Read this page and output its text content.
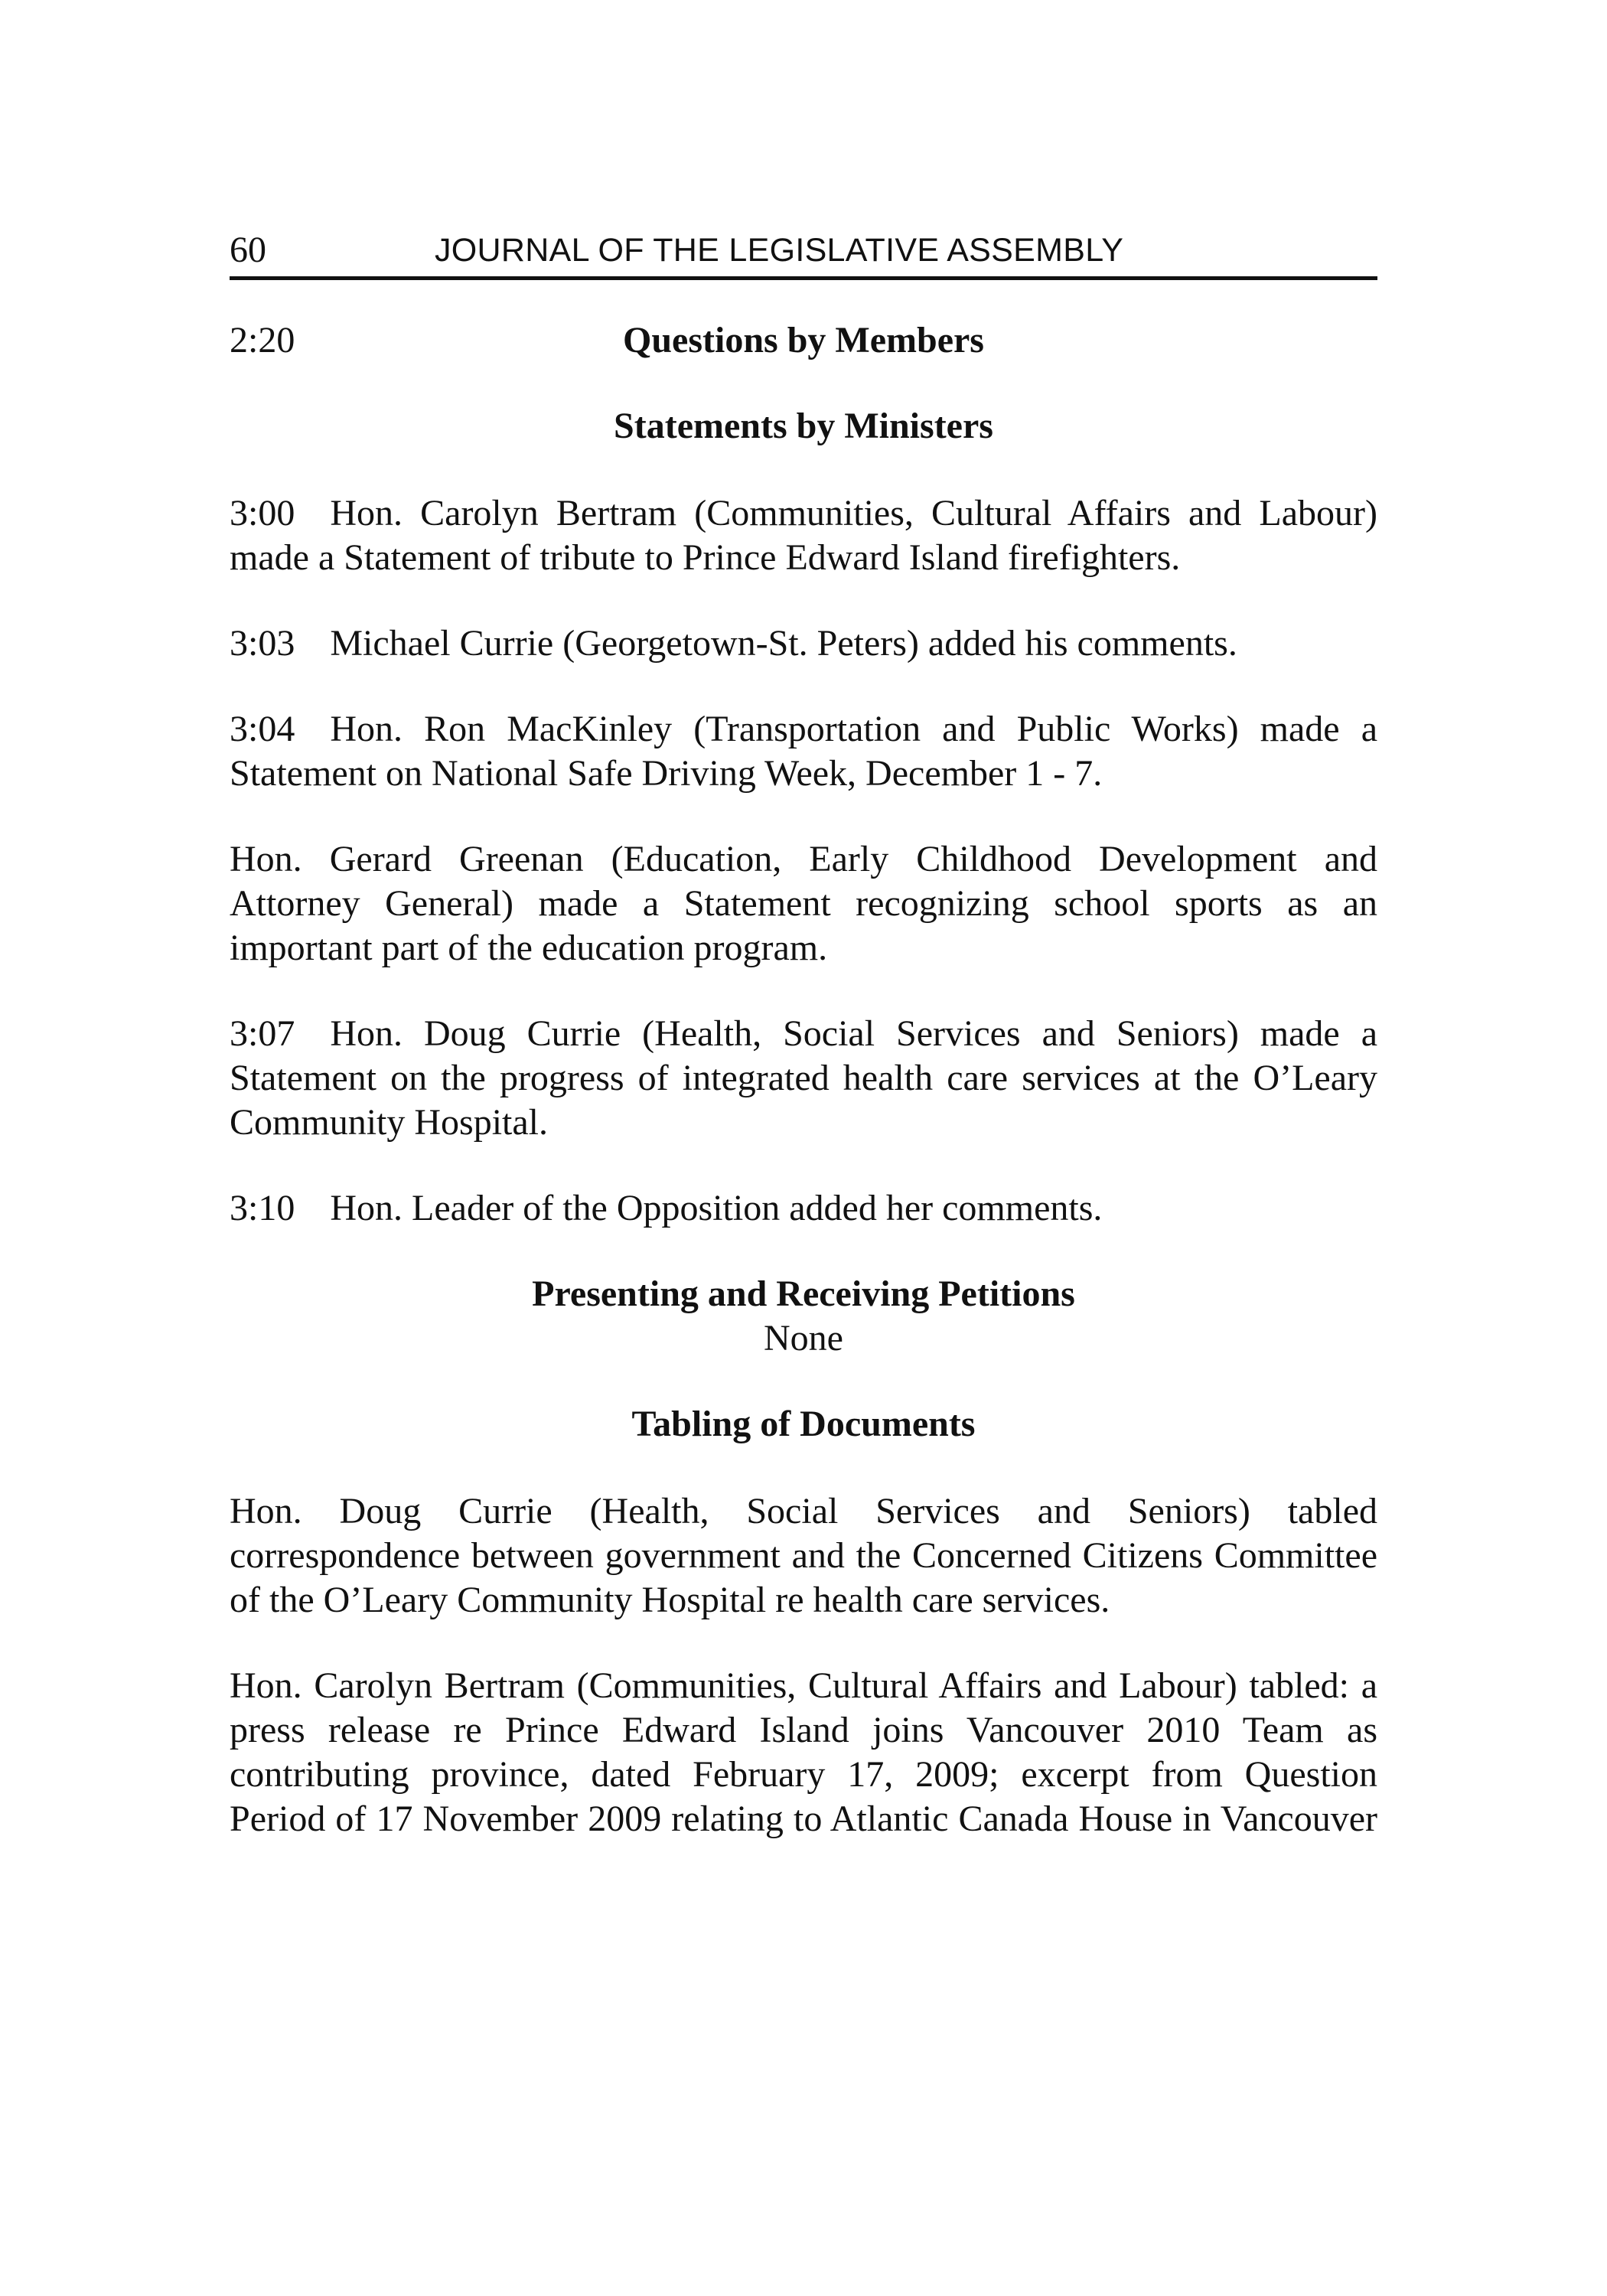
60	JOURNAL OF THE LEGISLATIVE ASSEMBLY
2:20	Questions by Members
Statements by Ministers

3:00 Hon. Carolyn Bertram (Communities, Cultural Affairs and Labour) made a Statement of tribute to Prince Edward Island firefighters.

3:03 Michael Currie (Georgetown-St. Peters) added his comments.

3:04 Hon. Ron MacKinley (Transportation and Public Works) made a Statement on National Safe Driving Week, December 1 - 7.

Hon. Gerard Greenan (Education, Early Childhood Development and Attorney General) made a Statement recognizing school sports as an important part of the education program.

3:07 Hon. Doug Currie (Health, Social Services and Seniors) made a Statement on the progress of integrated health care services at the O’Leary Community Hospital.

3:10 Hon. Leader of the Opposition added her comments.

Presenting and Receiving Petitions
None
Tabling of Documents

Hon. Doug Currie (Health, Social Services and Seniors) tabled correspondence between government and the Concerned Citizens Committee of the O’Leary Community Hospital re health care services.

Hon. Carolyn Bertram (Communities, Cultural Affairs and Labour) tabled: a press release re Prince Edward Island joins Vancouver 2010 Team as contributing province, dated February 17, 2009; excerpt from Question Period of 17 November 2009 relating to Atlantic Canada House in Vancouver
